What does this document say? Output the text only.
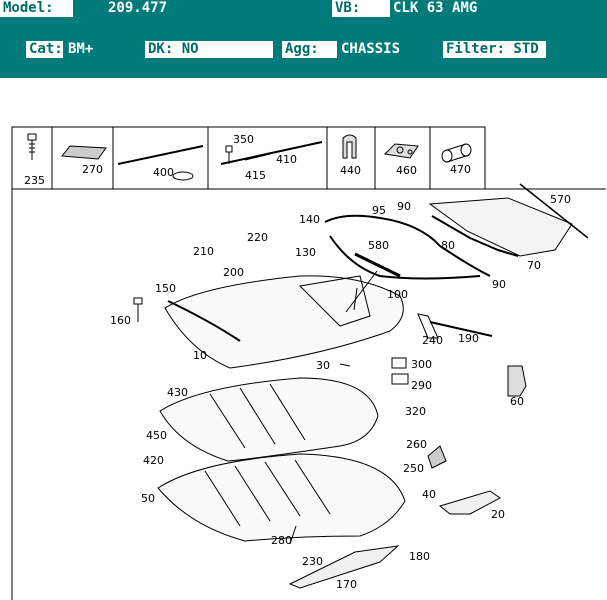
Model:	209.477	VB:	CLK 63 AMG
Cat: BM+	DK: NO	Agg:	CHASSIS	Filter: STD
235
270	400
350
410
415	440	460	470
570
90
95
140
220
210	130
580	80
70
200
90
150	100
160
240 190
10
30	300
290
60
430
320
450
260
420
250
50	40
20
280
230	180
170
